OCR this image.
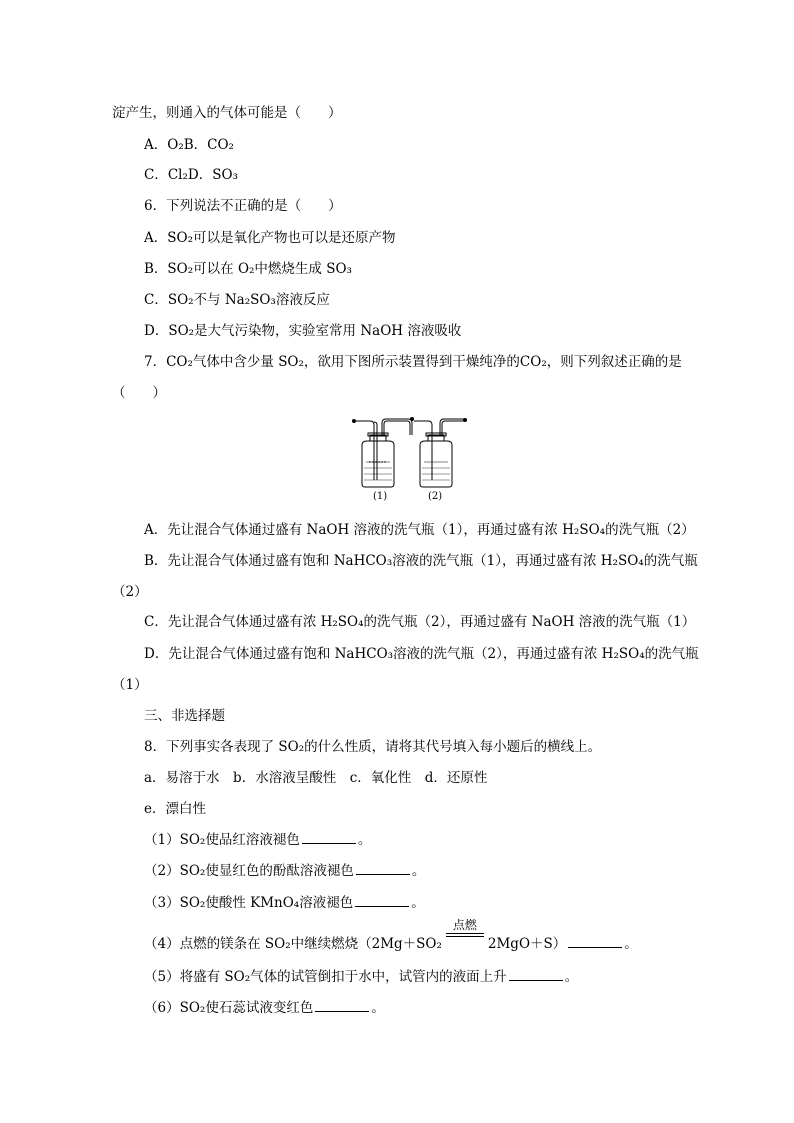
淀产生，则通入的气体可能是（　　）
A．O₂B．CO₂
C．Cl₂D．SO₃
6．下列说法不正确的是（　　）
A．SO₂可以是氧化产物也可以是还原产物
B．SO₂可以在 O₂中燃烧生成 SO₃
C．SO₂不与 Na₂SO₃溶液反应
D．SO₂是大气污染物，实验室常用 NaOH 溶液吸收
7．CO₂气体中含少量 SO₂，欲用下图所示装置得到干燥纯净的CO₂，则下列叙述正确的是
（　　）
(1)	(2)
A．先让混合气体通过盛有 NaOH 溶液的洗气瓶（1），再通过盛有浓 H₂SO₄的洗气瓶（2）
B．先让混合气体通过盛有饱和 NaHCO₃溶液的洗气瓶（1），再通过盛有浓 H₂SO₄的洗气瓶
（2）
C．先让混合气体通过盛有浓 H₂SO₄的洗气瓶（2），再通过盛有 NaOH 溶液的洗气瓶（1）
D．先让混合气体通过盛有饱和 NaHCO₃溶液的洗气瓶（2），再通过盛有浓 H₂SO₄的洗气瓶
（1）
三、非选择题
8．下列事实各表现了 SO₂的什么性质，请将其代号填入每小题后的横线上。
a．易溶于水　b．水溶液呈酸性　c．氧化性　d．还原性
e．漂白性
（1）SO₂使品红溶液褪色	。
（2）SO₂使显红色的酚酞溶液褪色	。
（3）SO₂使酸性 KMnO₄溶液褪色	。
（4）点燃的镁条在 SO₂中继续燃烧（2Mg＋SO₂
点燃
2MgO＋S）	。
（5）将盛有 SO₂气体的试管倒扣于水中，试管内的液面上升	。
（6）SO₂使石蕊试液变红色	。
